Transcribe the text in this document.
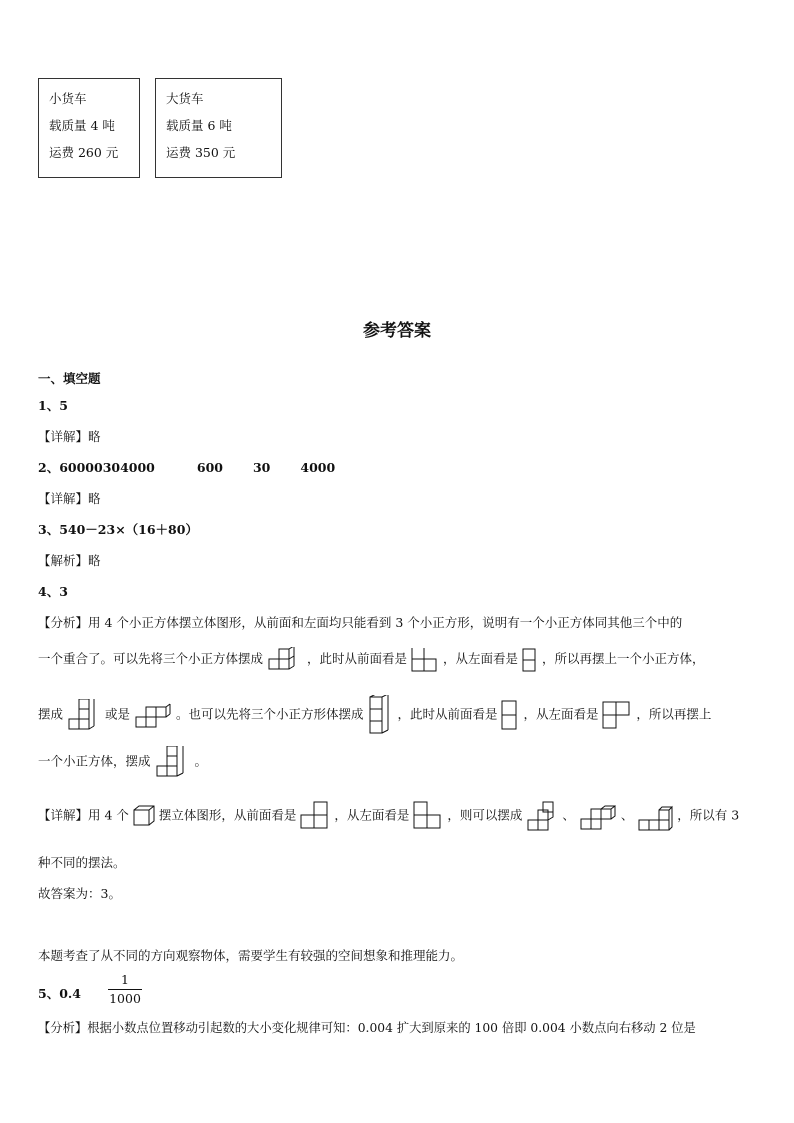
小货车
载质量 4 吨
运费 260 元
大货车
载质量 6 吨
运费 350 元
参考答案
一、填空题
1、5
【详解】略
2、60000304000	600 30 4000
【详解】略
3、540－23×（16＋80）
【解析】略
4、3
【分析】用 4 个小正方体摆立体图形，从前面和左面均只能看到 3 个小正方形，说明有一个小正方体同其他三个中的
一个重合了。可以先将三个小正方体摆成	，此时从前面看是	，从左面看是 ，所以再摆上一个小正方体，
摆成	或是	。也可以先将三个小正方形体摆成	，此时从前面看是 ，从左面看是	，所以再摆上
一个小正方体，摆成	。
【详解】用 4 个 摆立体图形，从前面看是	，从左面看是	，则可以摆成	、	、	，所以有 3
种不同的摆法。
故答案为：3。
本题考查了从不同的方向观察物体，需要学生有较强的空间想象和推理能力。
5、$0.4 \frac{1}{1000}$
【分析】根据小数点位置移动引起数的大小变化规律可知：0.004 扩大到原来的 100 倍即 0.004 小数点向右移动 2 位是
